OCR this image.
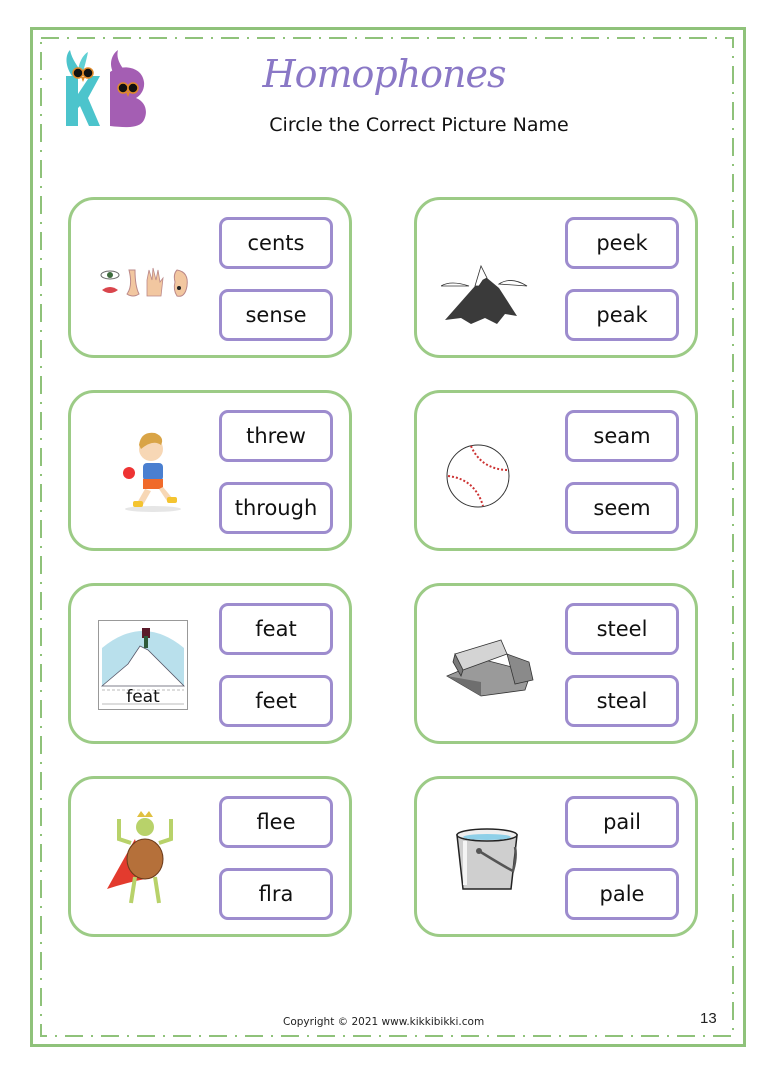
Homophones
Circle the Correct Picture Name
cents
sense
peek
peak
threw
through
seam
seem
feat
feat
feet
steel
steal
flee
flra
pail
pale
Copyright © 2021 www.kikkibikki.com	13
